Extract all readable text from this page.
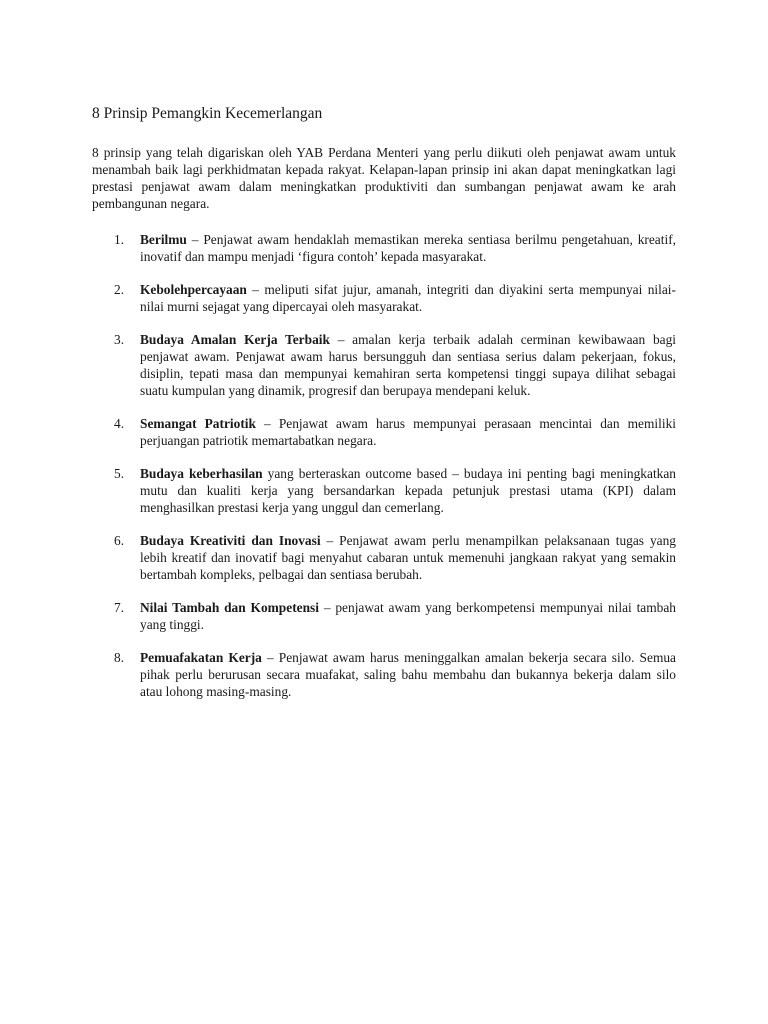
8 Prinsip Pemangkin Kecemerlangan

8 prinsip yang telah digariskan oleh YAB Perdana Menteri yang perlu diikuti oleh penjawat awam untuk menambah baik lagi perkhidmatan kepada rakyat. Kelapan-lapan prinsip ini akan dapat meningkatkan lagi prestasi penjawat awam dalam meningkatkan produktiviti dan sumbangan penjawat awam ke arah pembangunan negara.

1. Berilmu – Penjawat awam hendaklah memastikan mereka sentiasa berilmu pengetahuan, kreatif, inovatif dan mampu menjadi ‘figura contoh’ kepada masyarakat.
2. Kebolehpercayaan – meliputi sifat jujur, amanah, integriti dan diyakini serta mempunyai nilai-nilai murni sejagat yang dipercayai oleh masyarakat.
3. Budaya Amalan Kerja Terbaik – amalan kerja terbaik adalah cerminan kewibawaan bagi penjawat awam. Penjawat awam harus bersungguh dan sentiasa serius dalam pekerjaan, fokus, disiplin, tepati masa dan mempunyai kemahiran serta kompetensi tinggi supaya dilihat sebagai suatu kumpulan yang dinamik, progresif dan berupaya mendepani keluk.
4. Semangat Patriotik – Penjawat awam harus mempunyai perasaan mencintai dan memiliki perjuangan patriotik memartabatkan negara.
5. Budaya keberhasilan yang berteraskan outcome based – budaya ini penting bagi meningkatkan mutu dan kualiti kerja yang bersandarkan kepada petunjuk prestasi utama (KPI) dalam menghasilkan prestasi kerja yang unggul dan cemerlang.
6. Budaya Kreativiti dan Inovasi – Penjawat awam perlu menampilkan pelaksanaan tugas yang lebih kreatif dan inovatif bagi menyahut cabaran untuk memenuhi jangkaan rakyat yang semakin bertambah kompleks, pelbagai dan sentiasa berubah.
7. Nilai Tambah dan Kompetensi – penjawat awam yang berkompetensi mempunyai nilai tambah yang tinggi.
8. Pemuafakatan Kerja – Penjawat awam harus meninggalkan amalan bekerja secara silo. Semua pihak perlu berurusan secara muafakat, saling bahu membahu dan bukannya bekerja dalam silo atau lohong masing-masing.
